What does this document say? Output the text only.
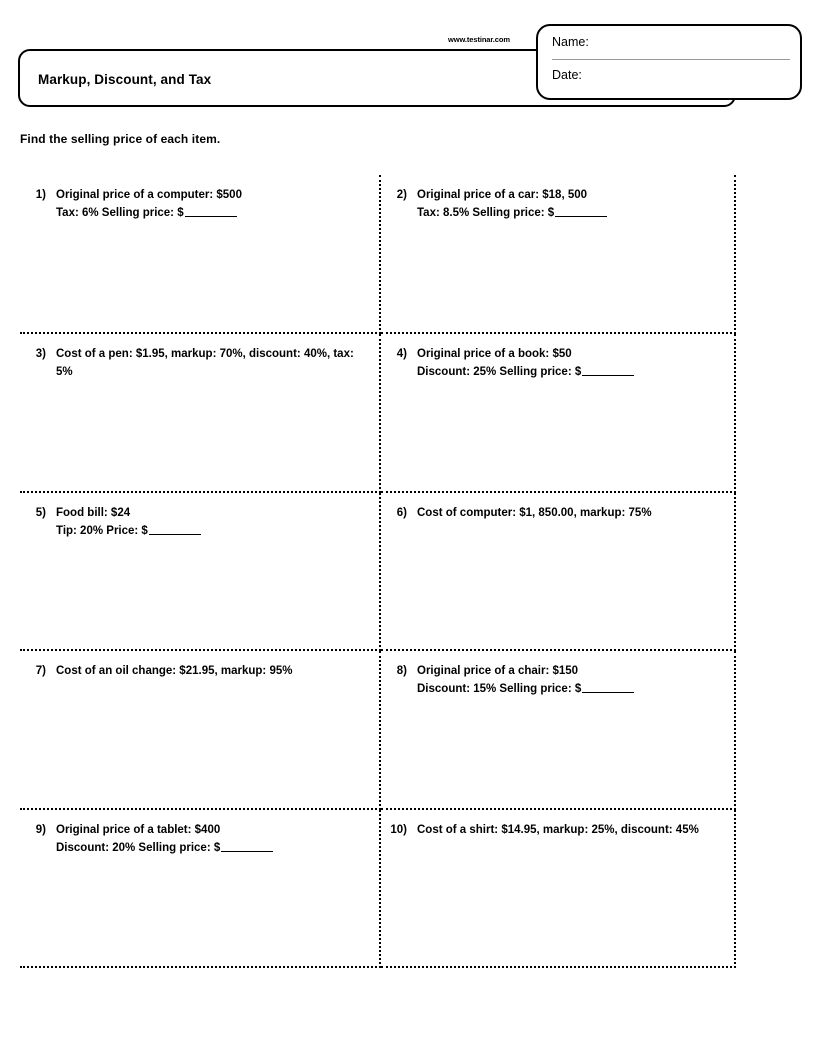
www.testinar.com
Markup, Discount, and Tax
Name:
Date:
Find the selling price of each item.
1) Original price of a computer: $500
Tax: 6% Selling price: $
2) Original price of a car: $18, 500
Tax: 8.5% Selling price: $
3) Cost of a pen: $1.95, markup: 70%, discount: 40%, tax: 5%
4) Original price of a book: $50
Discount: 25% Selling price: $
5) Food bill: $24
Tip: 20% Price: $
6) Cost of computer: $1, 850.00, markup: 75%
7) Cost of an oil change: $21.95, markup: 95%	8) Original price of a chair: $150
Discount: 15% Selling price: $
9) Original price of a tablet: $400
Discount: 20% Selling price: $
10) Cost of a shirt: $14.95, markup: 25%, discount: 45%
